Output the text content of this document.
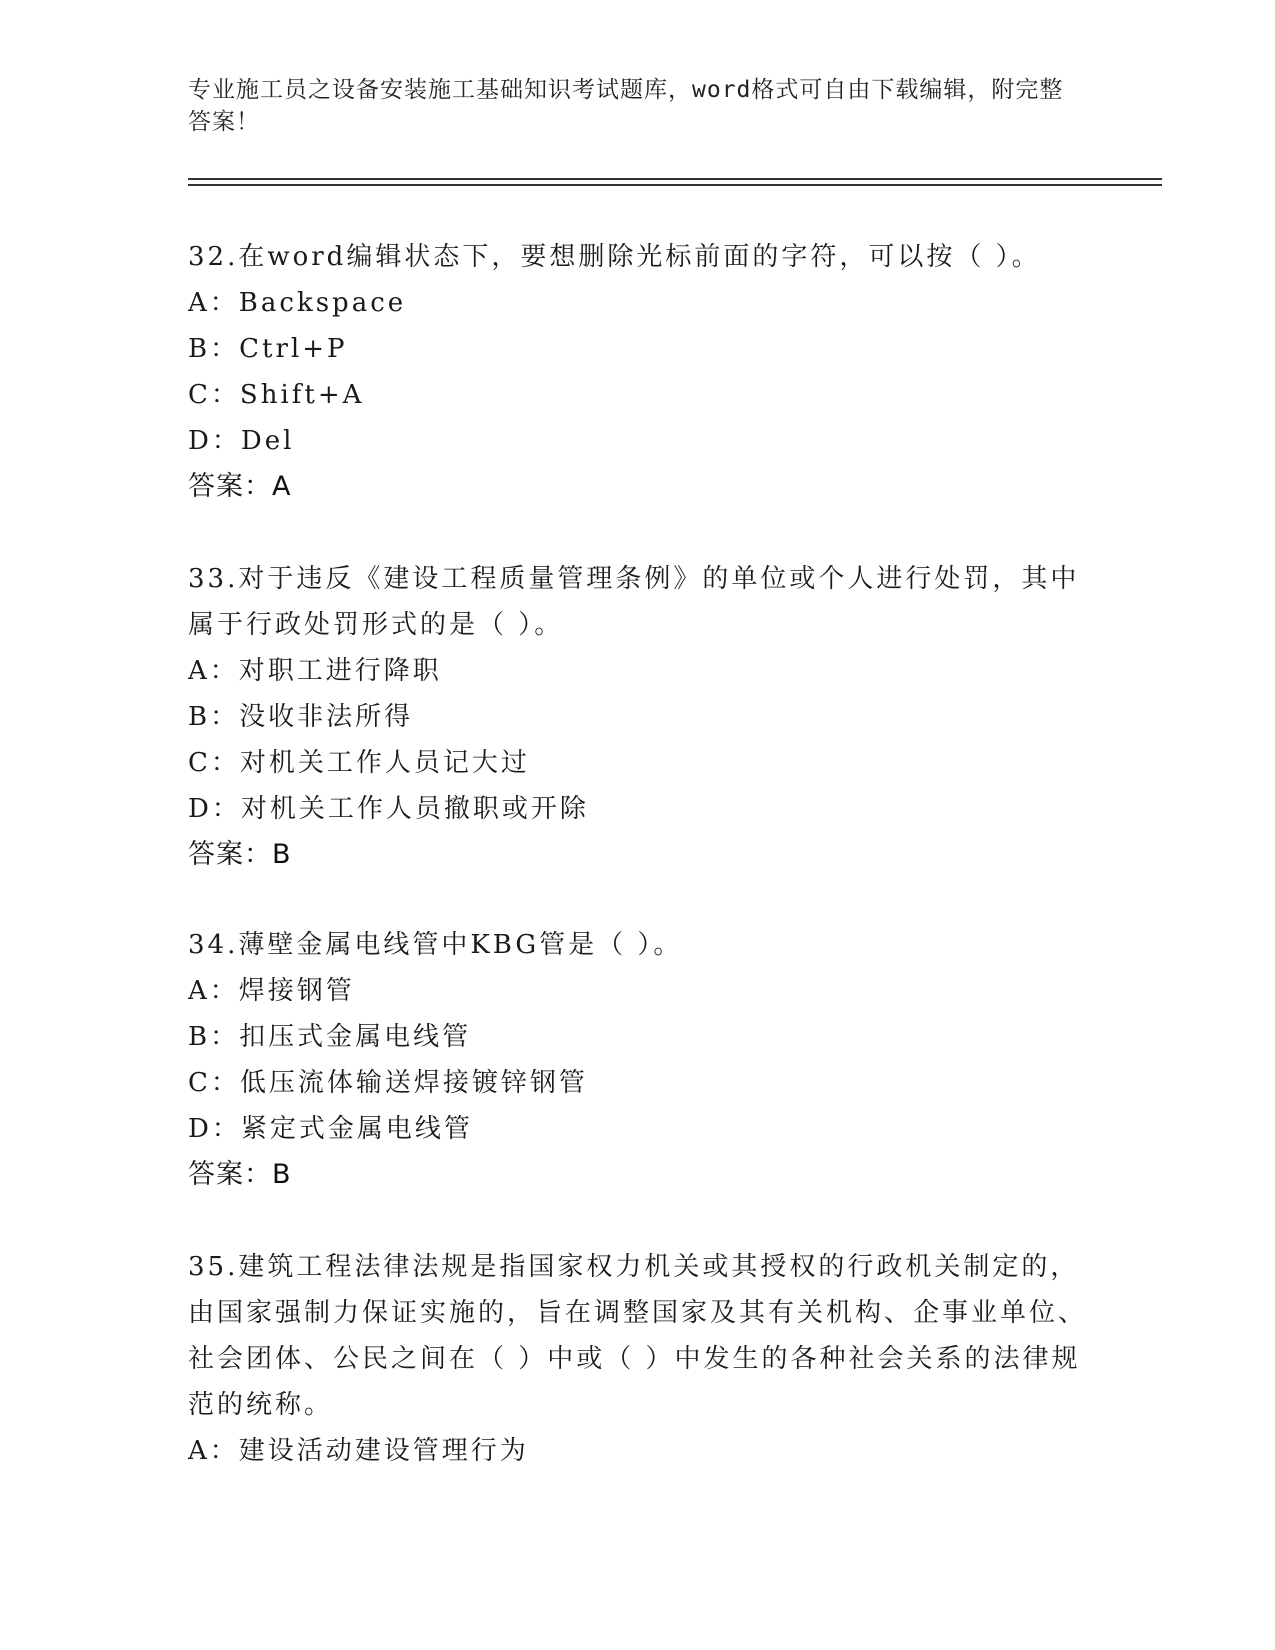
专业施工员之设备安装施工基础知识考试题库，word格式可自由下载编辑，附完整答案！
32.在word编辑状态下，要想删除光标前面的字符，可以按（ ）。
A：Backspace
B：Ctrl+P
C：Shift+A
D：Del
答案：A
33.对于违反《建设工程质量管理条例》的单位或个人进行处罚，其中属于行政处罚形式的是（ ）。
A：对职工进行降职
B：没收非法所得
C：对机关工作人员记大过
D：对机关工作人员撤职或开除
答案：B
34.薄壁金属电线管中KBG管是（ ）。
A：焊接钢管
B：扣压式金属电线管
C：低压流体输送焊接镀锌钢管
D：紧定式金属电线管
答案：B
35.建筑工程法律法规是指国家权力机关或其授权的行政机关制定的，由国家强制力保证实施的，旨在调整国家及其有关机构、企事业单位、社会团体、公民之间在（ ）中或（ ）中发生的各种社会关系的法律规范的统称。
A：建设活动建设管理行为
